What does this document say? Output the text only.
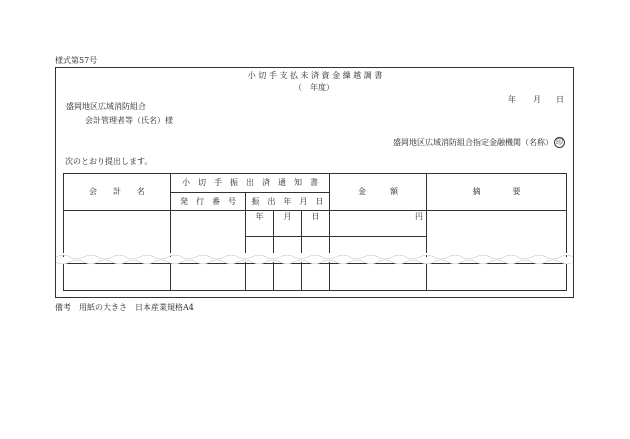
様式第57号
小 切 手 支 払 未 済 資 金 繰 越 調 書
（　年度）
年 月 日
盛岡地区広域消防組合
会計管理者等（氏名）様
盛岡地区広域消防組合指定金融機関（名称） 印
次のとおり提出します。
会　　計　　名	小　切　手　振　出　済　通　知　書				金　　　額	摘　　　　要
	発　行　番　号	振　出　年　月　日				
		年	月	日	円	

備考　用紙の大きさ　日本産業規格A4
